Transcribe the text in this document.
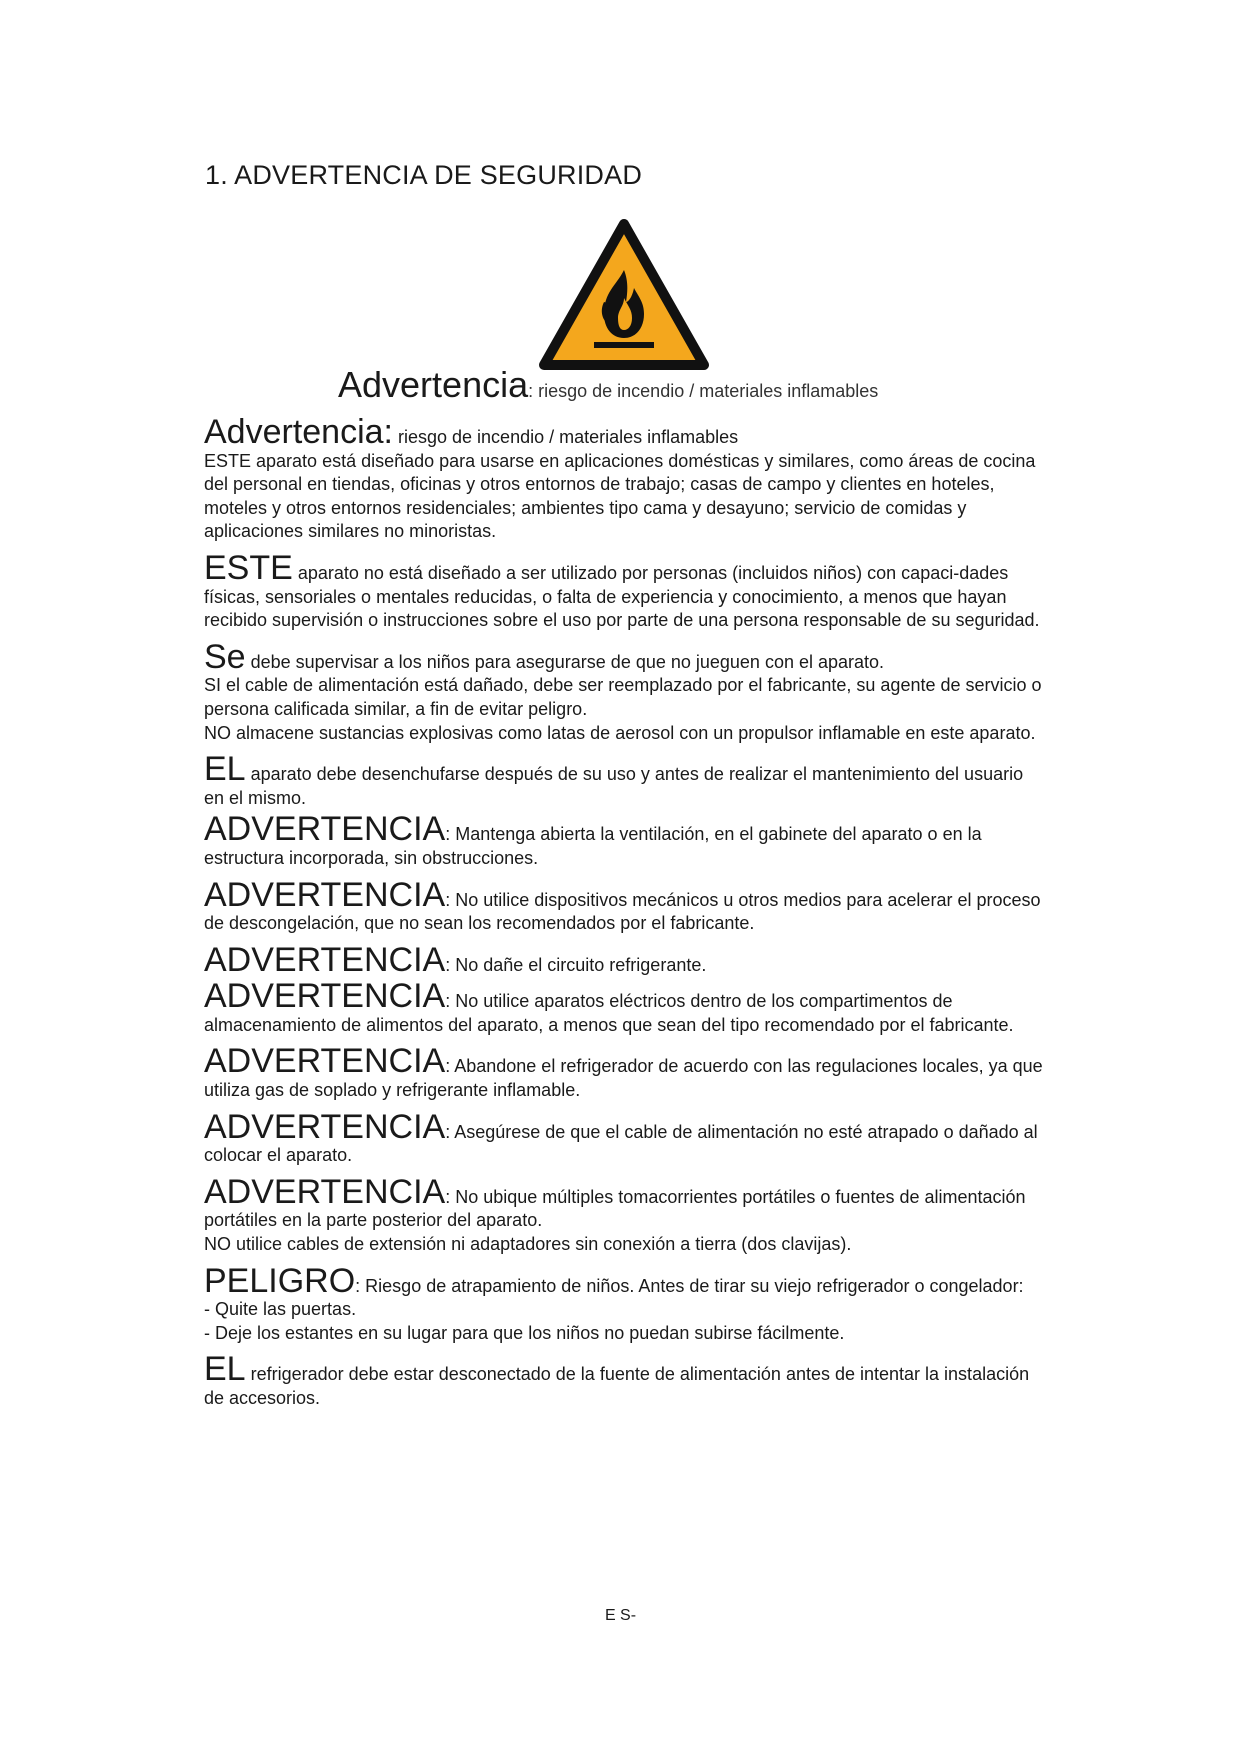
1. ADVERTENCIA DE SEGURIDAD
Advertencia: riesgo de incendio / materiales inflamables

Advertencia: riesgo de incendio / materiales inflamables
ESTE aparato está diseñado para usarse en aplicaciones domésticas y similares, como áreas de cocina del personal en tiendas, oficinas y otros entornos de trabajo; casas de campo y clientes en hoteles, moteles y otros entornos residenciales; ambientes tipo cama y desayuno; servicio de comidas y aplicaciones similares no minoristas.

ESTE aparato no está diseñado a ser utilizado por personas (incluidos niños) con capaci-dades físicas, sensoriales o mentales reducidas, o falta de experiencia y conocimiento, a menos que hayan recibido supervisión o instrucciones sobre el uso por parte de una persona responsable de su seguridad.

Se debe supervisar a los niños para asegurarse de que no jueguen con el aparato.
SI el cable de alimentación está dañado, debe ser reemplazado por el fabricante, su agente de servicio o persona calificada similar, a fin de evitar peligro.
NO almacene sustancias explosivas como latas de aerosol con un propulsor inflamable en este aparato.

EL aparato debe desenchufarse después de su uso y antes de realizar el mantenimiento del usuario en el mismo.

ADVERTENCIA: Mantenga abierta la ventilación, en el gabinete del aparato o en la estructura incorporada, sin obstrucciones.

ADVERTENCIA: No utilice dispositivos mecánicos u otros medios para acelerar el proceso de descongelación, que no sean los recomendados por el fabricante.

ADVERTENCIA: No dañe el circuito refrigerante.

ADVERTENCIA: No utilice aparatos eléctricos dentro de los compartimentos de almacenamiento de alimentos del aparato, a menos que sean del tipo recomendado por el fabricante.

ADVERTENCIA: Abandone el refrigerador de acuerdo con las regulaciones locales, ya que utiliza gas de soplado y refrigerante inflamable.

ADVERTENCIA: Asegúrese de que el cable de alimentación no esté atrapado o dañado al colocar el aparato.

ADVERTENCIA: No ubique múltiples tomacorrientes portátiles o fuentes de alimentación portátiles en la parte posterior del aparato.
NO utilice cables de extensión ni adaptadores sin conexión a tierra (dos clavijas).

PELIGRO: Riesgo de atrapamiento de niños. Antes de tirar su viejo refrigerador o congelador:
- Quite las puertas.
- Deje los estantes en su lugar para que los niños no puedan subirse fácilmente.

EL refrigerador debe estar desconectado de la fuente de alimentación antes de intentar la instalación de accesorios.

E S-
